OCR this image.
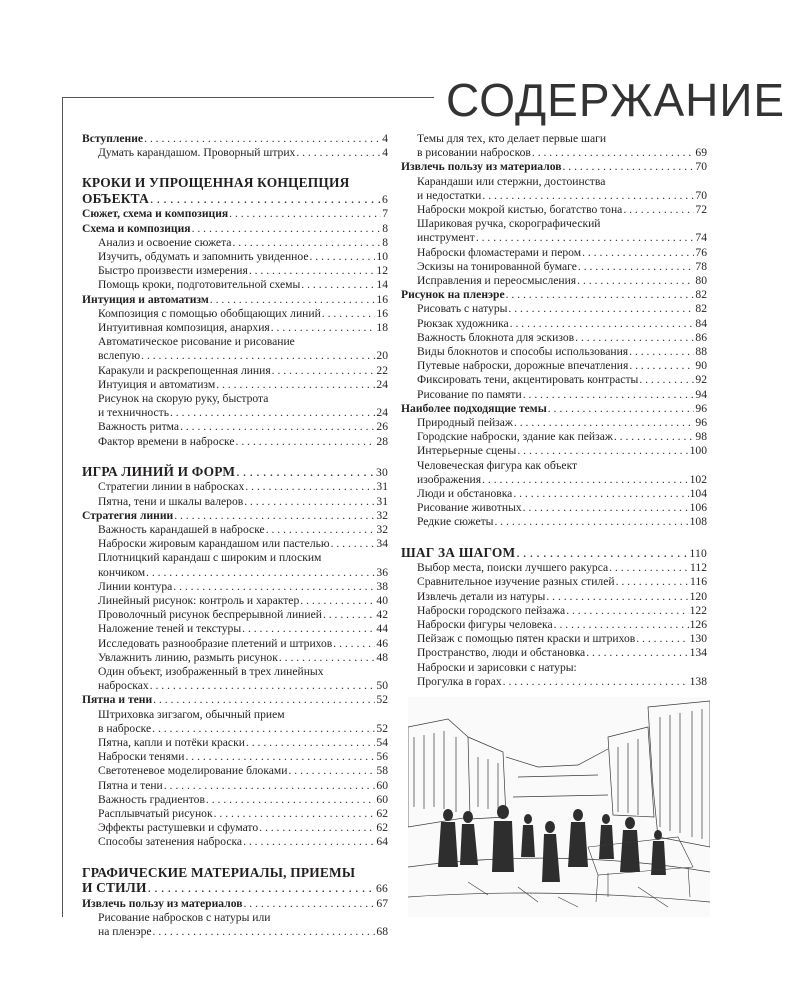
СОДЕРЖАНИЕ
Вступление . . .	4
Думать карандашом. Проворный штрих . . .	4
КРОКИ И УПРОЩЕННАЯ КОНЦЕПЦИЯ
ОБЪЕКТА . . .	6
Сюжет, схема и композиция . . .	7
Схема и композиция . . .	8
Анализ и освоение сюжета . . .	8
Изучить, обдумать и запомнить увиденное . . .	10
Быстро произвести измерения . . .	12
Помощь кроки, подготовительной схемы . . .	14
Интуиция и автоматизм . . .	16
Композиция с помощью обобщающих линий . . .	16
Интуитивная композиция, анархия . . .	18
Автоматическое рисование и рисование
вслепую . . .	20
Каракули и раскрепощенная линия . . .	22
Интуиция и автоматизм . . .	24
Рисунок на скорую руку, быстрота
и техничность . . .	24
Важность ритма . . .	26
Фактор времени в наброске . . .	28
ИГРА ЛИНИЙ И ФОРМ . . .	30
Стратегии линии в набросках . . .	31
Пятна, тени и шкалы валеров . . .	31
Стратегия линии . . .	32
Важность карандашей в наброске . . .	32
Наброски жировым карандашом или пастелью . . .	34
Плотницкий карандаш с широким и плоским
кончиком . . .	36
Линии контура . . .	38
Линейный рисунок: контроль и характер . . .	40
Проволочный рисунок беспрерывной линией . . .	42
Наложение теней и текстуры . . .	44
Исследовать разнообразие плетений и штрихов . . .	46
Увлажнить линию, размыть рисунок . . .	48
Один объект, изображенный в трех линейных
набросках . . .	50
Пятна и тени . . .	52
Штриховка зигзагом, обычный прием
в наброске . . .	52
Пятна, капли и потёки краски . . .	54
Наброски тенями . . .	56
Светотеневое моделирование блоками . . .	58
Пятна и тени . . .	60
Важность градиентов . . .	60
Расплывчатый рисунок . . .	62
Эффекты растушевки и сфумато . . .	62
Способы затенения наброска . . .	64
ГРАФИЧЕСКИЕ МАТЕРИАЛЫ, ПРИЕМЫ
И СТИЛИ . . .	66
Извлечь пользу из материалов . . .	67
Рисование набросков с натуры или
на пленэре . . .	68
Темы для тех, кто делает первые шаги
в рисовании набросков . . .	69
Извлечь пользу из материалов . . .	70
Карандаши или стержни, достоинства
и недостатки . . .	70
Наброски мокрой кистью, богатство тона . . .	72
Шариковая ручка, скорографический
инструмент . . .	74
Наброски фломастерами и пером . . .	76
Эскизы на тонированной бумаге . . .	78
Исправления и переосмысления . . .	80
Рисунок на пленэре . . .	82
Рисовать с натуры . . .	82
Рюкзак художника . . .	84
Важность блокнота для эскизов . . .	86
Виды блокнотов и способы использования . . .	88
Путевые наброски, дорожные впечатления . . .	90
Фиксировать тени, акцентировать контрасты . . .	92
Рисование по памяти . . .	94
Наиболее подходящие темы . . .	96
Природный пейзаж . . .	96
Городские наброски, здание как пейзаж . . .	98
Интерьерные сцены . . .	100
Человеческая фигура как объект
изображения . . .	102
Люди и обстановка . . .	104
Рисование животных . . .	106
Редкие сюжеты . . .	108
ШАГ ЗА ШАГОМ . . .	110
Выбор места, поиски лучшего ракурса . . .	112
Сравнительное изучение разных стилей . . .	116
Извлечь детали из натуры . . .	120
Наброски городского пейзажа . . .	122
Наброски фигуры человека . . .	126
Пейзаж с помощью пятен краски и штрихов . . .	130
Пространство, люди и обстановка . . .	134
Наброски и зарисовки с натуры:
Прогулка в горах . . .	138
